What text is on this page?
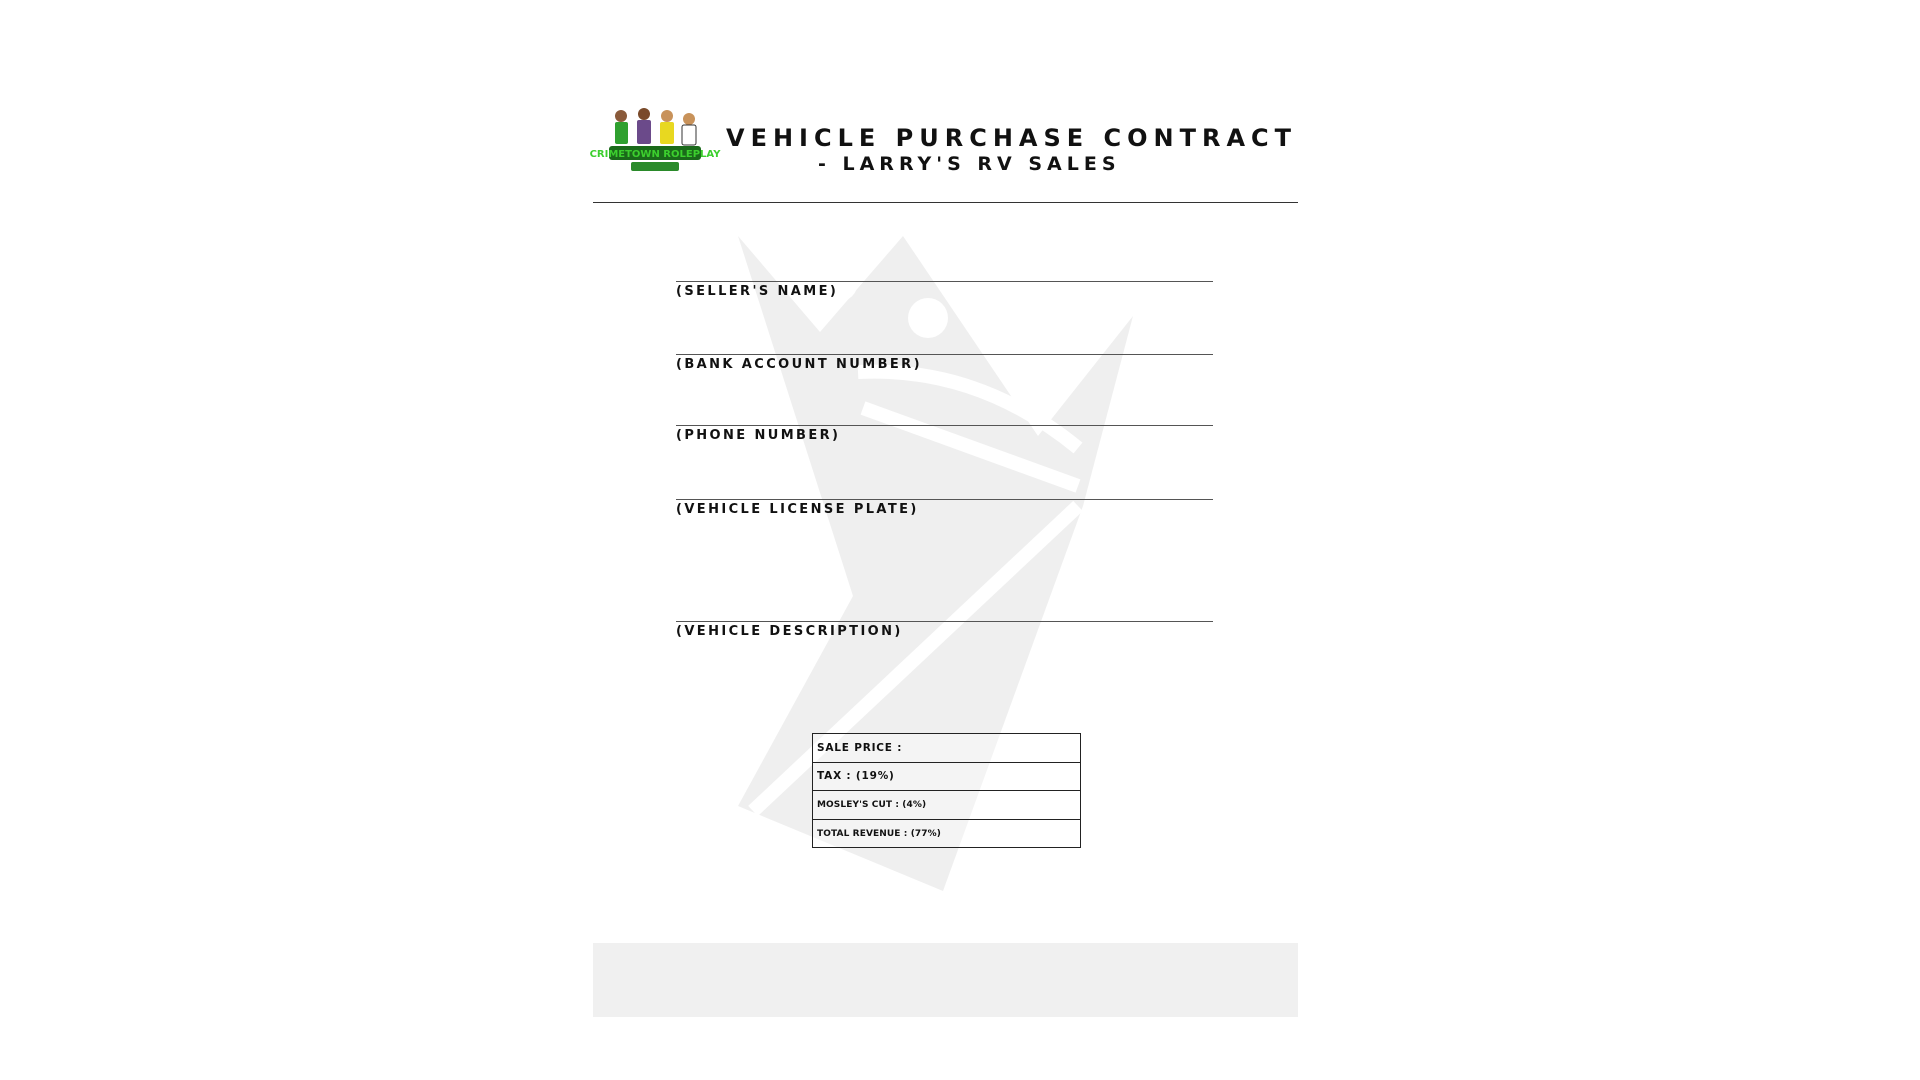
CRIMETOWN ROLEPLAY
VEHICLE PURCHASE CONTRACT
- LARRY'S RV SALES
(SELLER'S NAME)
(BANK ACCOUNT NUMBER)
(PHONE NUMBER)
(VEHICLE LICENSE PLATE)
(VEHICLE DESCRIPTION)
SALE PRICE :
TAX : (19%)
MOSLEY'S CUT : (4%)
TOTAL REVENUE : (77%)
